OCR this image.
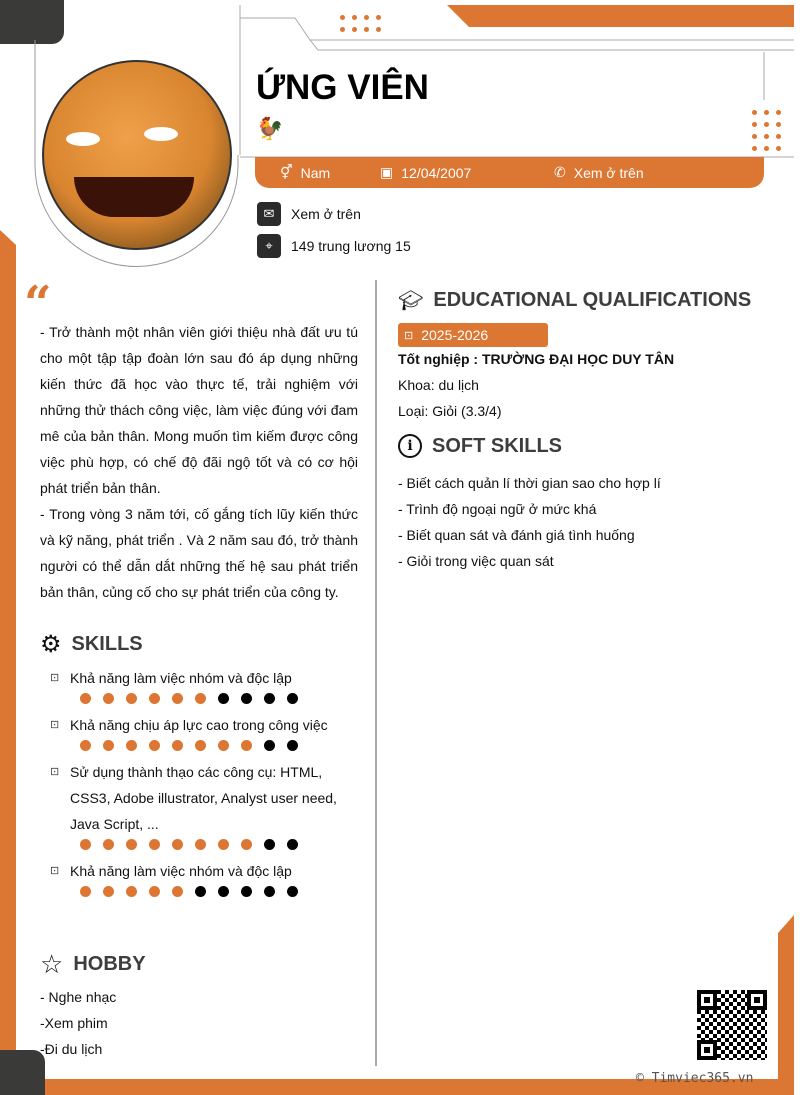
ỨNG VIÊN
🐓
⚥ Nam	▣ 12/04/2007	✆ Xem ở trên
✉	Xem ở trên
⌖	149 trung lương 15
“

- Trở thành một nhân viên giới thiệu nhà đất ưu tú cho một tập tập đoàn lớn sau đó áp dụng những kiến thức đã học vào thực tế, trải nghiệm với những thử thách công việc, làm việc đúng với đam mê của bản thân. Mong muốn tìm kiếm được công việc phù hợp, có chế độ đãi ngộ tốt và có cơ hội phát triển bản thân.

- Trong vòng 3 năm tới, cố gắng tích lũy kiến thức và kỹ năng, phát triển . Và 2 năm sau đó, trở thành người có thể dẫn dắt những thế hệ sau phát triển bản thân, củng cố cho sự phát triển của công ty.

⚙ SKILLS
⊡ Khả năng làm việc nhóm và độc lập
⊡ Khả năng chịu áp lực cao trong công việc
⊡ Sử dụng thành thạo các công cụ: HTML, CSS3, Adobe illustrator, Analyst user need, Java Script, ...
⊡ Khả năng làm việc nhóm và độc lập
☆ HOBBY
- Nghe nhạc
-Xem phim
-Đi du lịch
🎓︎ EDUCATIONAL QUALIFICATIONS
⊡ 2025-2026
Tốt nghiệp : TRƯỜNG ĐẠI HỌC DUY TÂN
Khoa: du lịch
Loại: Giỏi (3.3/4)
i SOFT SKILLS
- Biết cách quản lí thời gian sao cho hợp lí
- Trình độ ngoại ngữ ở mức khá
- Biết quan sát và đánh giá tình huống
- Giỏi trong việc quan sát
© Timviec365.vn
